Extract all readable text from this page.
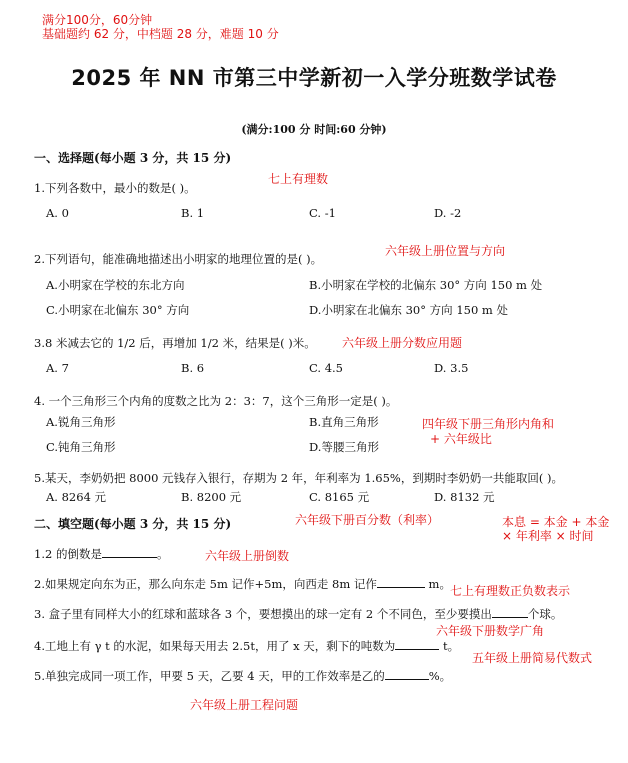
满分100分，60分钟
基础题约 62 分，中档题 28 分，难题 10 分
2025 年 NN 市第三中学新初一入学分班数学试卷
(满分:100 分 时间:60 分钟)
一、选择题(每小题 3 分，共 15 分)
七上有理数
1.下列各数中，最小的数是( )。
A. 0	B. 1	C. -1	D. -2
六年级上册位置与方向
2.下列语句，能准确地描述出小明家的地理位置的是( )。
A.小明家在学校的东北方向	B.小明家在学校的北偏东 30° 方向 150 m 处
C.小明家在北偏东 30° 方向	D.小明家在北偏东 30° 方向 150 m 处
3.8 米减去它的 1/2 后，再增加 1/2 米，结果是( )米。 六年级上册分数应用题
A. 7	B. 6	C. 4.5	D. 3.5
4. 一个三角形三个内角的度数之比为 2：3：7，这个三角形一定是( )。
A.锐角三角形	B.直角三角形	四年级下册三角形内角和
+ 六年级比
C.钝角三角形	D.等腰三角形
5.某天，李奶奶把 8000 元钱存入银行，存期为 2 年，年利率为 1.65%，到期时李奶奶一共能取回( )。
A. 8264 元	B. 8200 元	C. 8165 元	D. 8132 元
六年级下册百分数（利率）	本息 = 本金 + 本金
× 年利率 × 时间
二、填空题(每小题 3 分，共 15 分)
1.2 的倒数是	。	六年级上册倒数
2.如果规定向东为正，那么向东走 5m 记作+5m，向西走 8m 记作	m。 七上有理数正负数表示
3. 盒子里有同样大小的红球和蓝球各 3 个，要想摸出的球一定有 2 个不同色，至少要摸出	个球。
六年级下册数学广角
4.工地上有 γ t 的水泥，如果每天用去 2.5t，用了 x 天，剩下的吨数为	t。
五年级上册简易代数式
5.单独完成同一项工作，甲要 5 天，乙要 4 天，甲的工作效率是乙的	%。
六年级上册工程问题
